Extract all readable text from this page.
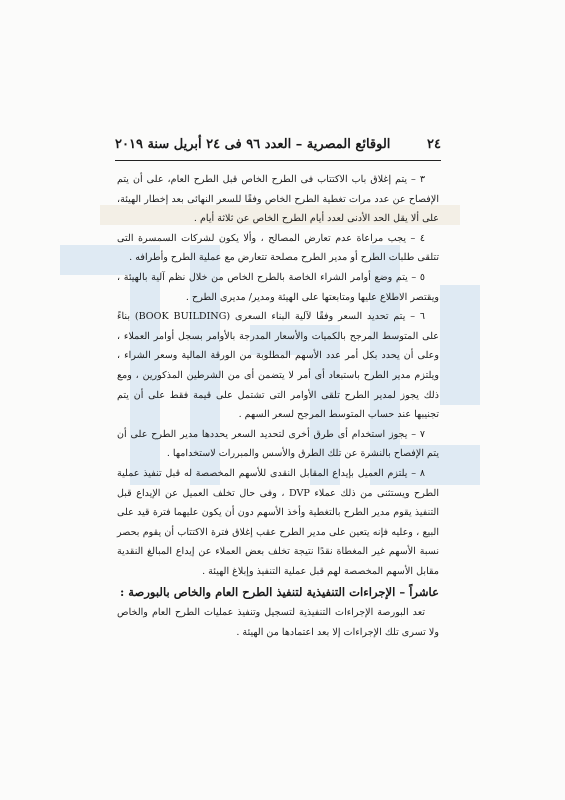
٢٤
الوقائع المصرية – العدد ٩٦ فى ٢٤ أبريل سنة ٢٠١٩

٣ – يتم إغلاق باب الاكتتاب فى الطرح الخاص قبل الطرح العام، على أن يتم الإفصاح عن عدد مرات تغطية الطرح الخاص وفقًا للسعر النهائى بعد إخطار الهيئة، على ألا يقل الحد الأدنى لعدد أيام الطرح الخاص عن ثلاثة أيام .

٤ – يجب مراعاة عدم تعارض المصالح ، وألا يكون لشركات السمسرة التى تتلقى طلبات الطرح أو مدير الطرح مصلحة تتعارض مع عملية الطرح وأطرافه .

٥ – يتم وضع أوامر الشراء الخاصة بالطرح الخاص من خلال نظم آلية بالهيئة ، ويقتصر الاطلاع عليها ومتابعتها على الهيئة ومدير/ مديرى الطرح .

٦ – يتم تحديد السعر وفقًا لآلية البناء السعرى (BOOK BUILDING) بناءً على المتوسط المرجح بالكميات والأسعار المدرجة بالأوامر بسجل أوامر العملاء ، وعلى أن يحدد بكل أمر عدد الأسهم المطلوبة من الورقة المالية وسعر الشراء ، ويلتزم مدير الطرح باستبعاد أى أمر لا يتضمن أى من الشرطين المذكورين ، ومع ذلك يجوز لمدير الطرح تلقى الأوامر التى تشتمل على قيمة فقط على أن يتم تجنيبها عند حساب المتوسط المرجح لسعر السهم .

٧ – يجوز استخدام أى طرق أخرى لتحديد السعر يحددها مدير الطرح على أن يتم الإفصاح بالنشرة عن تلك الطرق والأسس والمبررات لاستخدامها .

٨ – يلتزم العميل بإيداع المقابل النقدى للأسهم المخصصة له قبل تنفيذ عملية الطرح ويستثنى من ذلك عملاء DVP ، وفى حال تخلف العميل عن الإيداع قبل التنفيذ يقوم مدير الطرح بالتغطية وأخذ الأسهم دون أن يكون عليهما فترة قيد على البيع ، وعليه فإنه يتعين على مدير الطرح عقب إغلاق فترة الاكتتاب أن يقوم بحصر نسبة الأسهم غير المغطاة نقدًا نتيجة تخلف بعض العملاء عن إيداع المبالغ النقدية مقابل الأسهم المخصصة لهم قبل عملية التنفيذ وإبلاغ الهيئة .

عاشراً – الإجراءات التنفيذية لتنفيذ الطرح العام والخاص بالبورصة :

تعد البورصة الإجراءات التنفيذية لتسجيل وتنفيذ عمليات الطرح العام والخاص ولا تسرى تلك الإجراءات إلا بعد اعتمادها من الهيئة .
